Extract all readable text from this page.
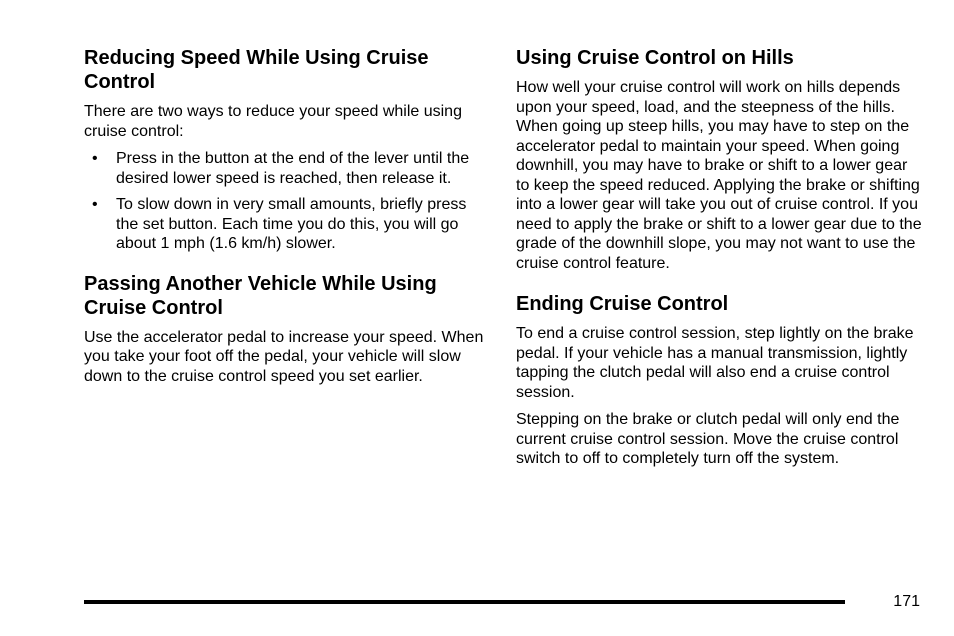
Reducing Speed While Using Cruise Control

There are two ways to reduce your speed while using cruise control:

• Press in the button at the end of the lever until the desired lower speed is reached, then release it.
• To slow down in very small amounts, briefly press the set button. Each time you do this, you will go about 1 mph (1.6 km/h) slower.
Passing Another Vehicle While Using Cruise Control

Use the accelerator pedal to increase your speed. When you take your foot off the pedal, your vehicle will slow down to the cruise control speed you set earlier.

Using Cruise Control on Hills

How well your cruise control will work on hills depends upon your speed, load, and the steepness of the hills. When going up steep hills, you may have to step on the accelerator pedal to maintain your speed. When going downhill, you may have to brake or shift to a lower gear to keep the speed reduced. Applying the brake or shifting into a lower gear will take you out of cruise control. If you need to apply the brake or shift to a lower gear due to the grade of the downhill slope, you may not want to use the cruise control feature.

Ending Cruise Control

To end a cruise control session, step lightly on the brake pedal. If your vehicle has a manual transmission, lightly tapping the clutch pedal will also end a cruise control session.

Stepping on the brake or clutch pedal will only end the current cruise control session. Move the cruise control switch to off to completely turn off the system.

171
